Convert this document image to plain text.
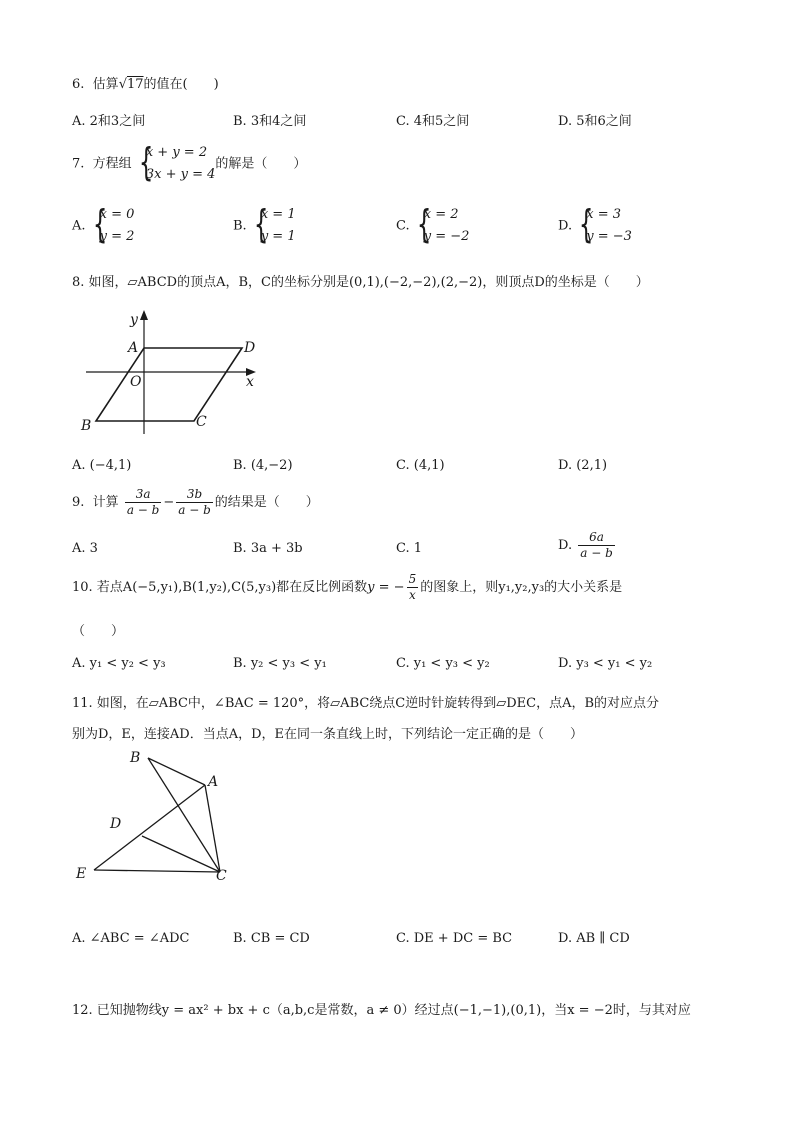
6. 估算√17的值在(　　)
A. 2和3之间	B. 3和4之间	C. 4和5之间	D. 5和6之间
7. 方程组 {
x + y = 2
3x + y = 4
的解是（　　）
A. {
x = 0
y = 2
B. {
x = 1
y = 1
C. {
x = 2
y = −2
D. {
x = 3
y = −3
8. 如图，▱ABCD的顶点A，B，C的坐标分别是(0,1),(−2,−2),(2,−2)，则顶点D的坐标是（　　）
y
x
A	D
O
B	C
A. (−4,1)	B. (4,−2)	C. (4,1)	D. (2,1)
9. 计算 $\frac{3a}{a - b} - \frac{3b}{a - b}$ 的结果是（　　）
A. 3	B. 3a + 3b	C. 1	D. $\frac{6a}{a - b}$
10. 若点A(−5,y₁),B(1,y₂),C(5,y₃)都在反比例函数y = − $\frac{5}{x}$ 的图象上，则y₁,y₂,y₃的大小关系是
（　　）
A. y₁ < y₂ < y₃	B. y₂ < y₃ < y₁	C. y₁ < y₃ < y₂	D. y₃ < y₁ < y₂
11. 如图，在▱ABC中，∠BAC = 120°，将▱ABC绕点C逆时针旋转得到▱DEC，点A，B的对应点分
别为D，E，连接AD．当点A，D，E在同一条直线上时，下列结论一定正确的是（　　）
B
A
D
E	C
A. ∠ABC = ∠ADC	B. CB = CD	C. DE + DC = BC	D. AB ∥ CD
12. 已知抛物线y = ax² + bx + c（a,b,c是常数，a ≠ 0）经过点(−1,−1),(0,1)，当x = −2时，与其对应
